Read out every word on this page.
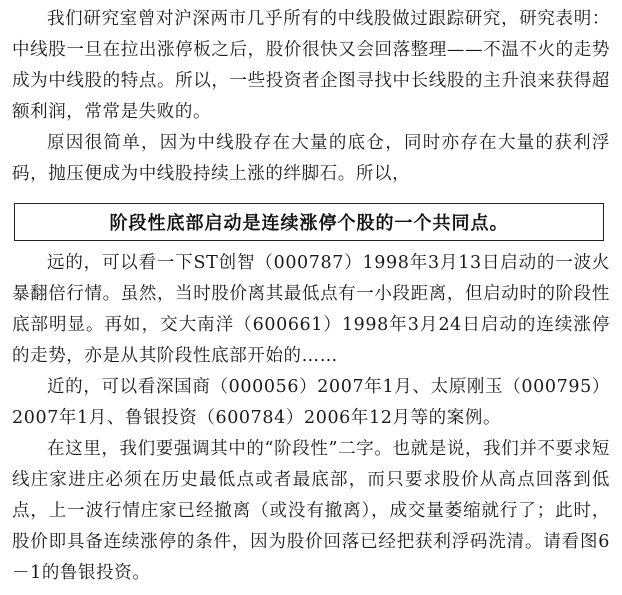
我们研究室曾对沪深两市几乎所有的中线股做过跟踪研究，研究表明：中线股一旦在拉出涨停板之后，股价很快又会回落整理——不温不火的走势成为中线股的特点。所以，一些投资者企图寻找中长线股的主升浪来获得超额利润，常常是失败的。

原因很简单，因为中线股存在大量的底仓，同时亦存在大量的获利浮码，抛压便成为中线股持续上涨的绊脚石。所以，

阶段性底部启动是连续涨停个股的一个共同点。

远的，可以看一下ST创智（000787）1998年3月13日启动的一波火暴翻倍行情。虽然，当时股价离其最低点有一小段距离，但启动时的阶段性底部明显。再如，交大南洋（600661）1998年3月24日启动的连续涨停的走势，亦是从其阶段性底部开始的……

近的，可以看深国商（000056）2007年1月、太原刚玉（000795）2007年1月、鲁银投资（600784）2006年12月等的案例。

在这里，我们要强调其中的“阶段性”二字。也就是说，我们并不要求短线庄家进庄必须在历史最低点或者最底部，而只要求股价从高点回落到低点，上一波行情庄家已经撤离（或没有撤离），成交量萎缩就行了；此时，股价即具备连续涨停的条件，因为股价回落已经把获利浮码洗清。请看图6－1的鲁银投资。
